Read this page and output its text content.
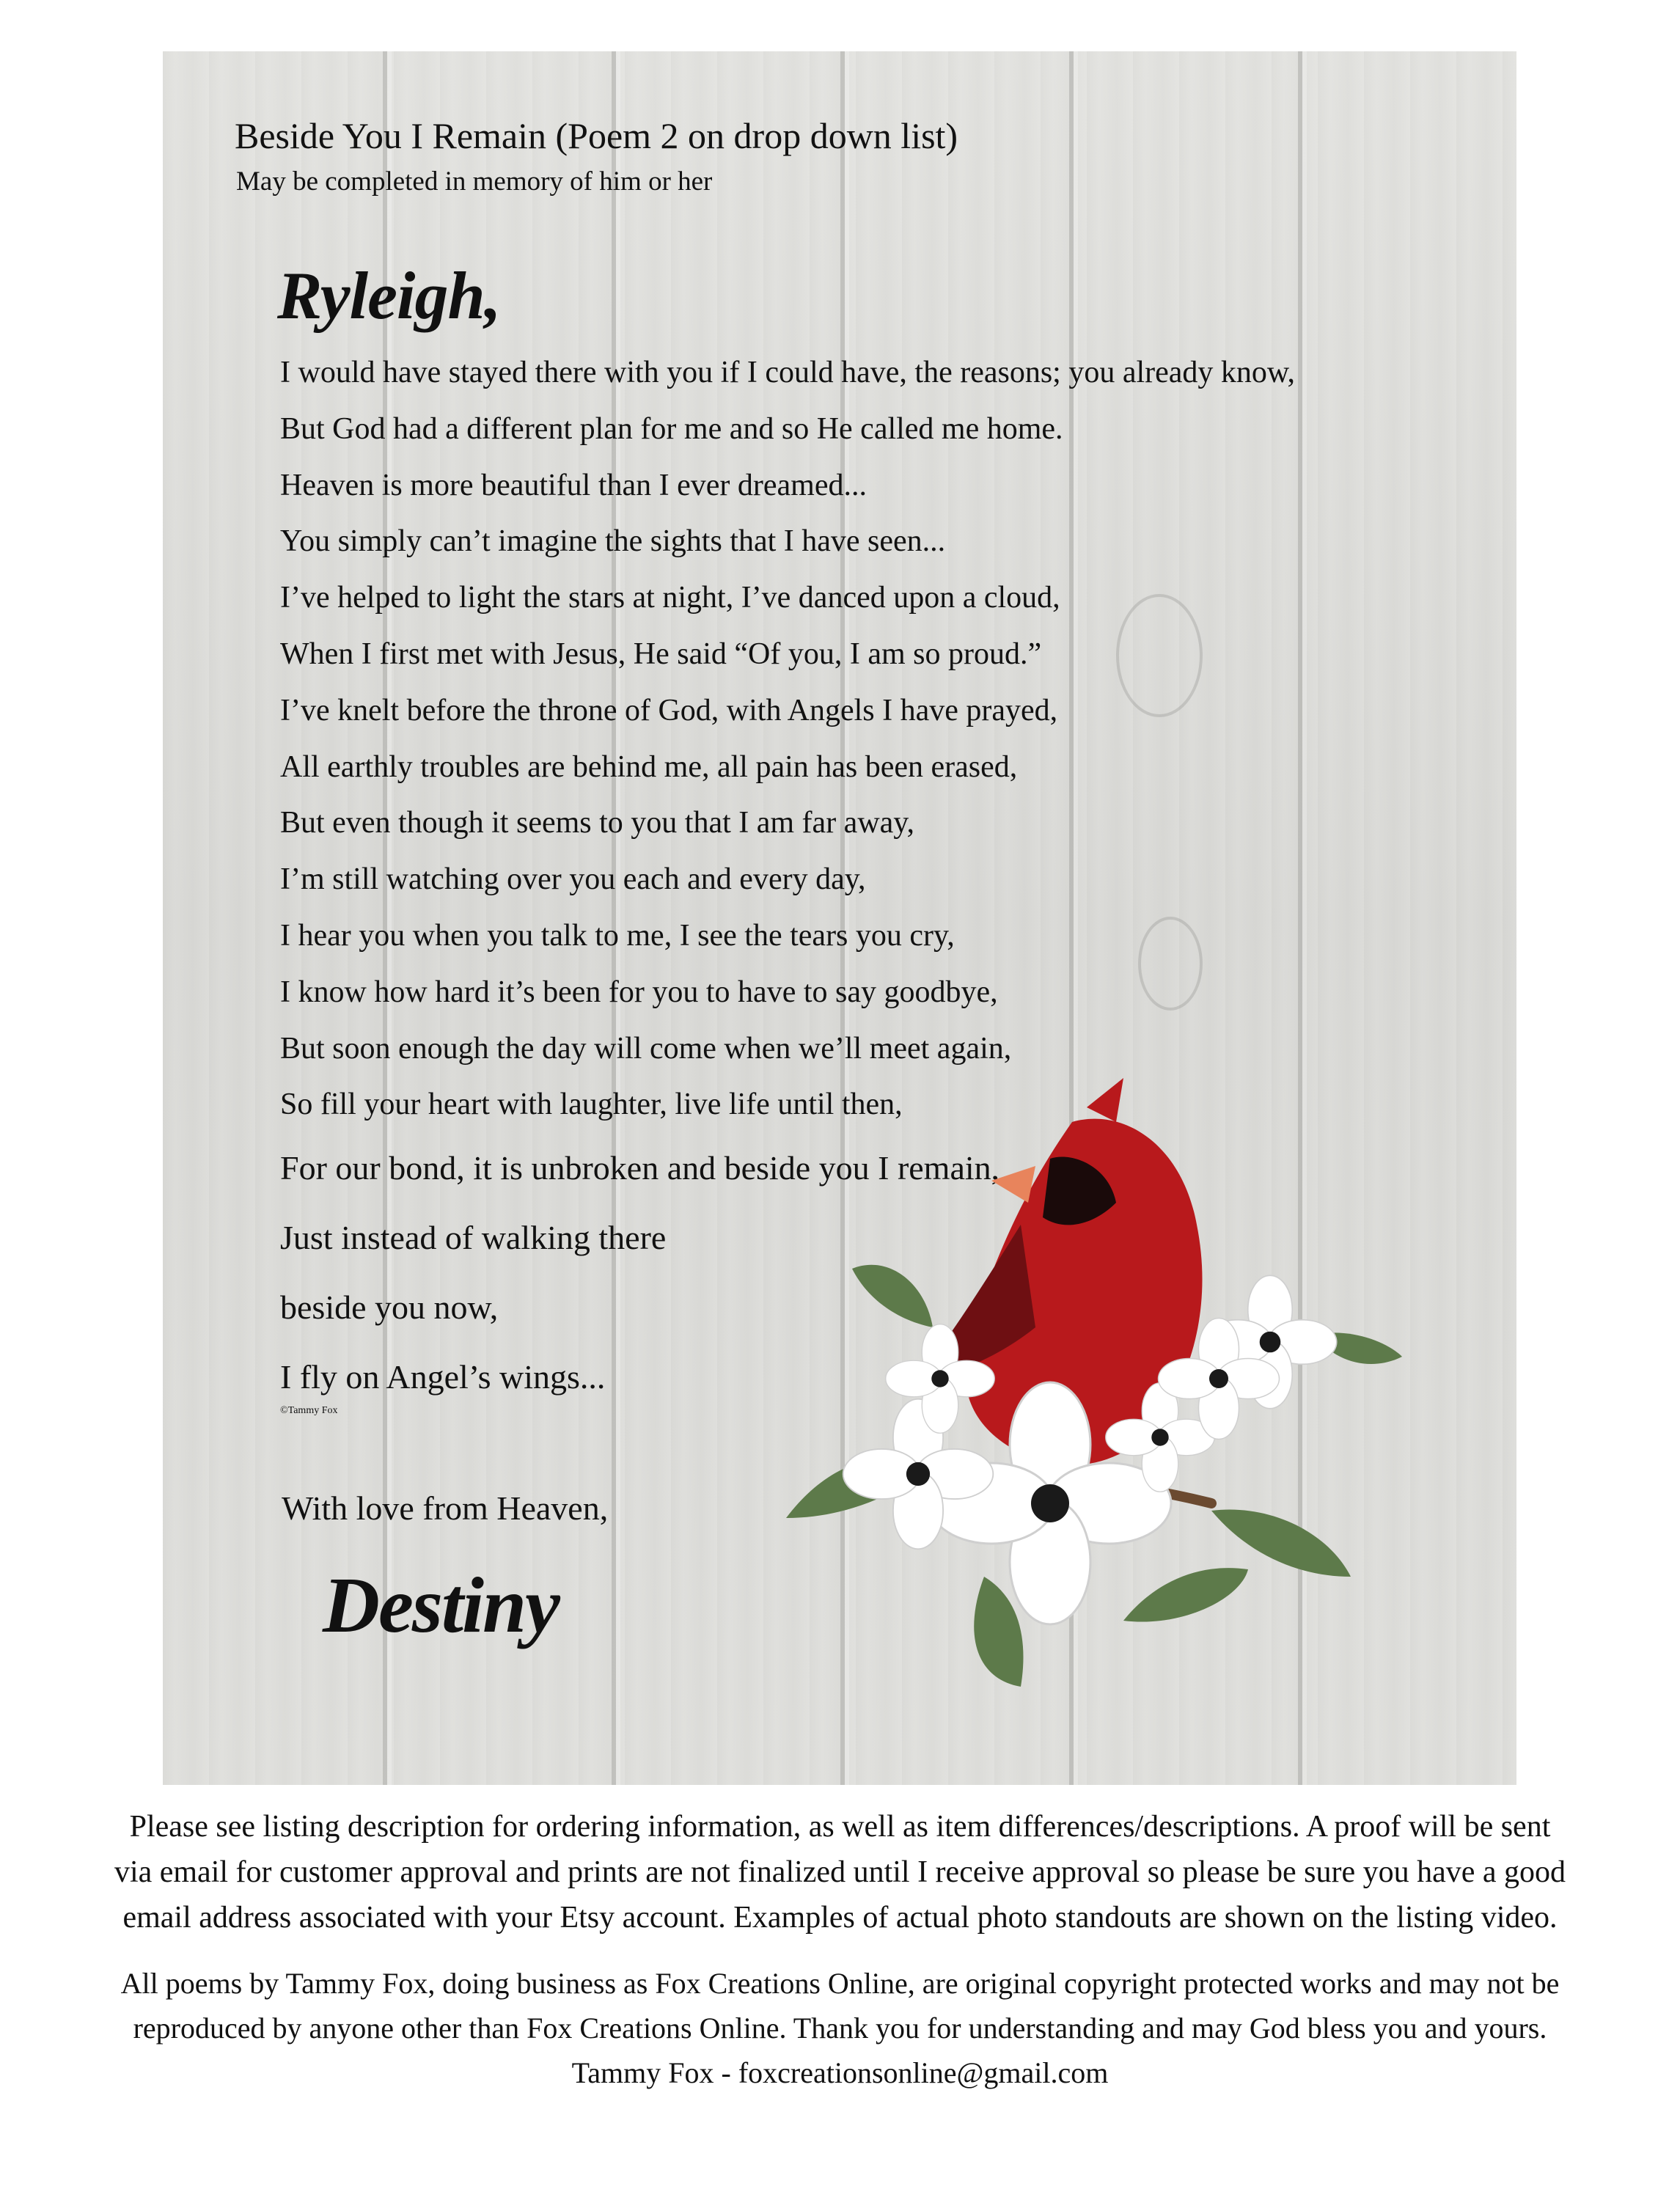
Beside You I Remain (Poem 2 on drop down list)
May be completed in memory of him or her
Ryleigh,
I would have stayed there with you if I could have, the reasons; you already know,
But God had a different plan for me and so He called me home.
Heaven is more beautiful than I ever dreamed...
You simply can’t imagine the sights that I have seen...
I’ve helped to light the stars at night, I’ve danced upon a cloud,
When I first met with Jesus, He said “Of you, I am so proud.”
I’ve knelt before the throne of God, with Angels I have prayed,
All earthly troubles are behind me, all pain has been erased,
But even though it seems to you that I am far away,
I’m still watching over you each and every day,
I hear you when you talk to me, I see the tears you cry,
I know how hard it’s been for you to have to say goodbye,
But soon enough the day will come when we’ll meet again,
So fill your heart with laughter, live life until then,
For our bond, it is unbroken and beside you I remain,
Just instead of walking there
beside you now,
I fly on Angel’s wings...
©Tammy Fox
With love from Heaven,
Destiny
Please see listing description for ordering information, as well as item differences/descriptions. A proof will be sent
via email for customer approval and prints are not finalized until I receive approval so please be sure you have a good
email address associated with your Etsy account. Examples of actual photo standouts are shown on the listing video.
All poems by Tammy Fox, doing business as Fox Creations Online, are original copyright protected works and may not be
reproduced by anyone other than Fox Creations Online. Thank you for understanding and may God bless you and yours.
Tammy Fox - foxcreationsonline@gmail.com
